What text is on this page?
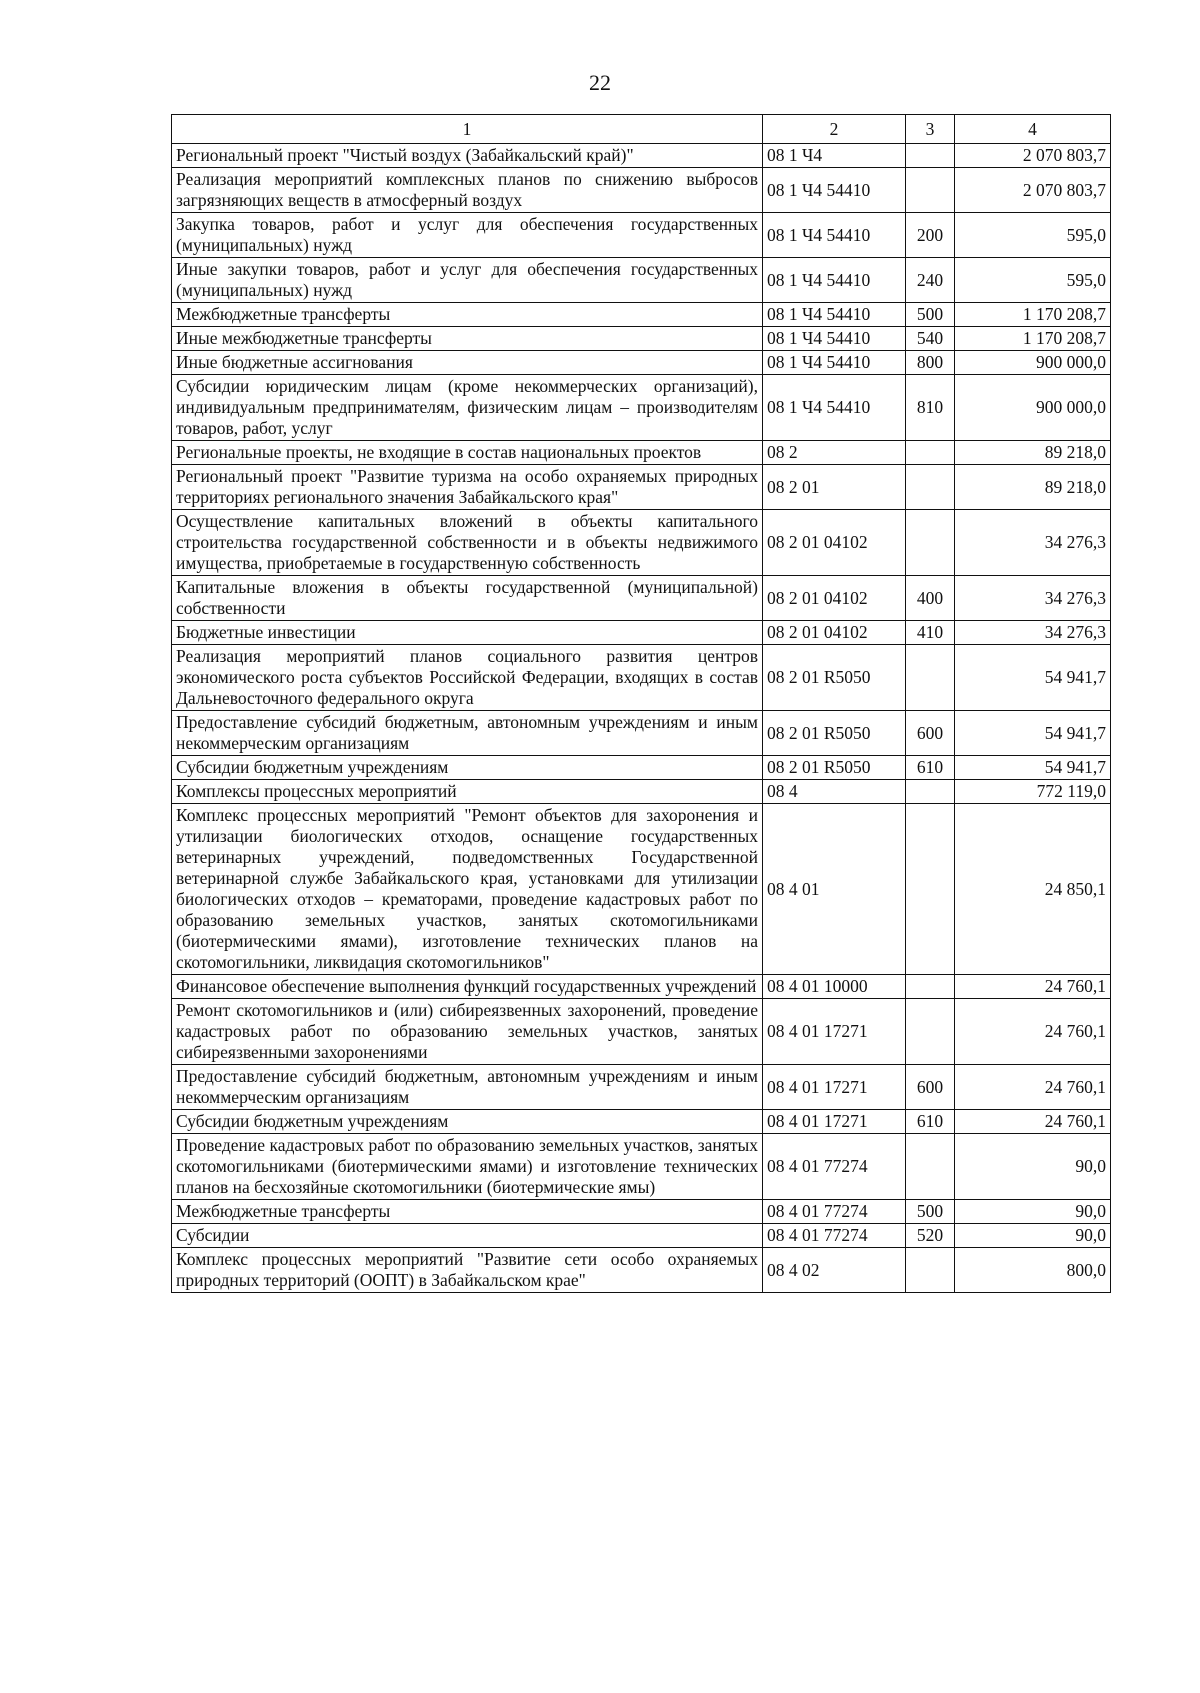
22
1	2	3	4
Региональный проект "Чистый воздух (Забайкальский край)"	08 1 Ч4		2 070 803,7
Реализация мероприятий комплексных планов по снижению выбросов загрязняющих веществ в атмосферный воздух	08 1 Ч4 54410		2 070 803,7
Закупка товаров, работ и услуг для обеспечения государственных (муниципальных) нужд	08 1 Ч4 54410	200	595,0
Иные закупки товаров, работ и услуг для обеспечения государственных (муниципальных) нужд	08 1 Ч4 54410	240	595,0
Межбюджетные трансферты	08 1 Ч4 54410	500	1 170 208,7
Иные межбюджетные трансферты	08 1 Ч4 54410	540	1 170 208,7
Иные бюджетные ассигнования	08 1 Ч4 54410	800	900 000,0
Субсидии юридическим лицам (кроме некоммерческих организаций), индивидуальным предпринимателям, физическим лицам – производителям товаров, работ, услуг	08 1 Ч4 54410	810	900 000,0
Региональные проекты, не входящие в состав национальных проектов	08 2		89 218,0
Региональный проект "Развитие туризма на особо охраняемых природных территориях регионального значения Забайкальского края"	08 2 01		89 218,0
Осуществление капитальных вложений в объекты капитального строительства государственной собственности и в объекты недвижимого имущества, приобретаемые в государственную собственность	08 2 01 04102		34 276,3
Капитальные вложения в объекты государственной (муниципальной) собственности	08 2 01 04102	400	34 276,3
Бюджетные инвестиции	08 2 01 04102	410	34 276,3
Реализация мероприятий планов социального развития центров экономического роста субъектов Российской Федерации, входящих в состав Дальневосточного федерального округа	08 2 01 R5050		54 941,7
Предоставление субсидий бюджетным, автономным учреждениям и иным некоммерческим организациям	08 2 01 R5050	600	54 941,7
Субсидии бюджетным учреждениям	08 2 01 R5050	610	54 941,7
Комплексы процессных мероприятий	08 4		772 119,0
Комплекс процессных мероприятий "Ремонт объектов для захоронения и утилизации биологических отходов, оснащение государственных ветеринарных учреждений, подведомственных Государственной ветеринарной службе Забайкальского края, установками для утилизации биологических отходов – крематорами, проведение кадастровых работ по образованию земельных участков, занятых скотомогильниками (биотермическими ямами), изготовление технических планов на скотомогильники, ликвидация скотомогильников"	08 4 01		24 850,1
Финансовое обеспечение выполнения функций государственных учреждений	08 4 01 10000		24 760,1
Ремонт скотомогильников и (или) сибиреязвенных захоронений, проведение кадастровых работ по образованию земельных участков, занятых сибиреязвенными захоронениями	08 4 01 17271		24 760,1
Предоставление субсидий бюджетным, автономным учреждениям и иным некоммерческим организациям	08 4 01 17271	600	24 760,1
Субсидии бюджетным учреждениям	08 4 01 17271	610	24 760,1
Проведение кадастровых работ по образованию земельных участков, занятых скотомогильниками (биотермическими ямами) и изготовление технических планов на бесхозяйные скотомогильники (биотермические ямы)	08 4 01 77274		90,0
Межбюджетные трансферты	08 4 01 77274	500	90,0
Субсидии	08 4 01 77274	520	90,0
Комплекс процессных мероприятий "Развитие сети особо охраняемых природных территорий (ООПТ) в Забайкальском крае"	08 4 02		800,0
